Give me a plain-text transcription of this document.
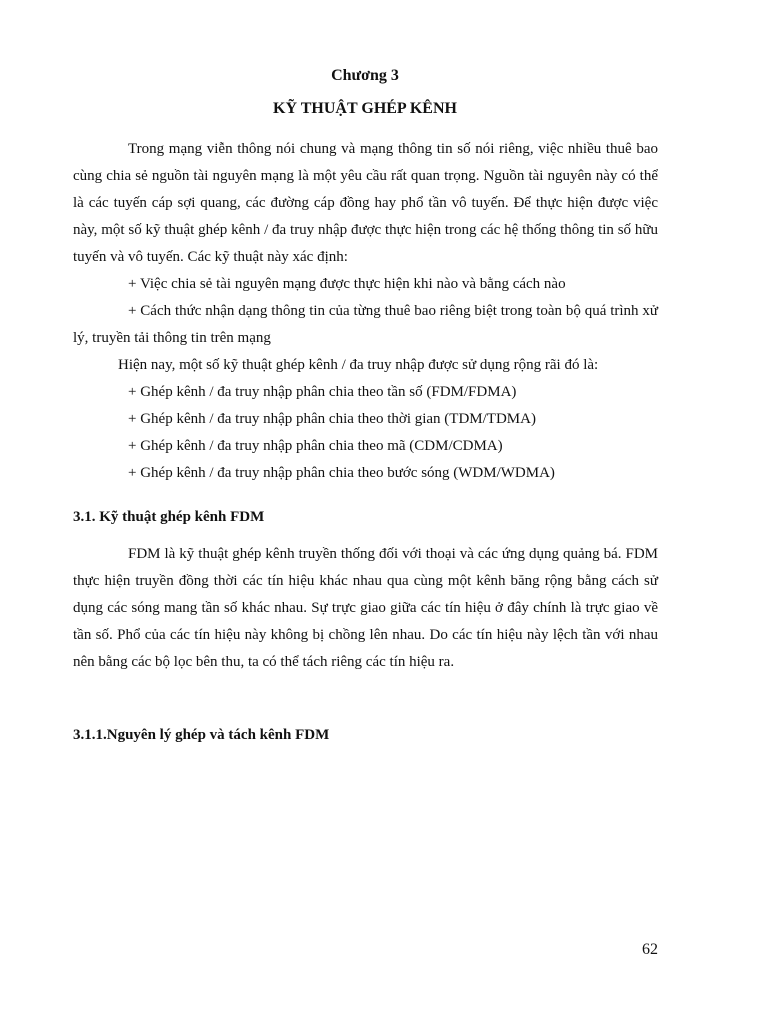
Chương 3
KỸ THUẬT GHÉP KÊNH

Trong mạng viễn thông nói chung và mạng thông tin số nói riêng, việc nhiều thuê bao cùng chia sẻ nguồn tài nguyên mạng là một yêu cầu rất quan trọng. Nguồn tài nguyên này có thể là các tuyến cáp sợi quang, các đường cáp đồng hay phổ tần vô tuyến. Để thực hiện được việc này, một số kỹ thuật ghép kênh / đa truy nhập được thực hiện trong các hệ thống thông tin số hữu tuyến và vô tuyến. Các kỹ thuật này xác định:

+ Việc chia sẻ tài nguyên mạng được thực hiện khi nào và bằng cách nào

+ Cách thức nhận dạng thông tin của từng thuê bao riêng biệt trong toàn bộ quá trình xử lý, truyền tải thông tin trên mạng

Hiện nay, một số kỹ thuật ghép kênh / đa truy nhập được sử dụng rộng rãi đó là:

+ Ghép kênh / đa truy nhập phân chia theo tần số (FDM/FDMA)

+ Ghép kênh / đa truy nhập phân chia theo thời gian (TDM/TDMA)

+ Ghép kênh / đa truy nhập phân chia theo mã (CDM/CDMA)

+ Ghép kênh / đa truy nhập phân chia theo bước sóng (WDM/WDMA)

3.1. Kỹ thuật ghép kênh FDM

FDM là kỹ thuật ghép kênh truyền thống đối với thoại và các ứng dụng quảng bá. FDM thực hiện truyền đồng thời các tín hiệu khác nhau qua cùng một kênh băng rộng bằng cách sử dụng các sóng mang tần số khác nhau. Sự trực giao giữa các tín hiệu ở đây chính là trực giao về tần số. Phổ của các tín hiệu này không bị chồng lên nhau. Do các tín hiệu này lệch tần với nhau nên bằng các bộ lọc bên thu, ta có thể tách riêng các tín hiệu ra.

3.1.1.Nguyên lý ghép và tách kênh FDM
62
